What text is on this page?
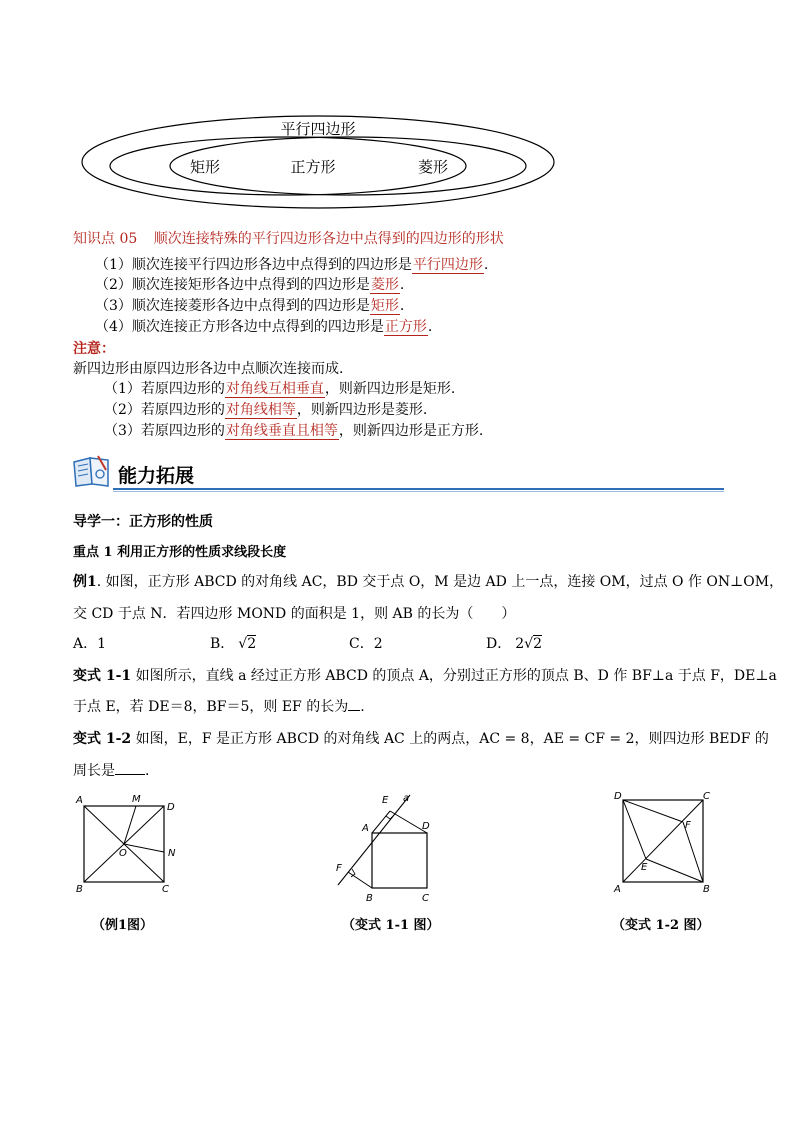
平行四边形
矩形	正方形	菱形
知识点 05 顺次连接特殊的平行四边形各边中点得到的四边形的形状
（1）顺次连接平行四边形各边中点得到的四边形是平行四边形.
（2）顺次连接矩形各边中点得到的四边形是菱形.
（3）顺次连接菱形各边中点得到的四边形是矩形.
（4）顺次连接正方形各边中点得到的四边形是正方形.
注意：
新四边形由原四边形各边中点顺次连接而成.
（1）若原四边形的对角线互相垂直，则新四边形是矩形.
（2）若原四边形的对角线相等，则新四边形是菱形.
（3）若原四边形的对角线垂直且相等，则新四边形是正方形.
能力拓展
导学一：正方形的性质
重点 1 利用正方形的性质求线段长度
例1. 如图，正方形 ABCD 的对角线 AC，BD 交于点 O，M 是边 AD 上一点，连接 OM，过点 O 作 ON⊥OM，
交 CD 于点 N．若四边形 MOND 的面积是 1，则 AB 的长为（　　）
A．1	B． √2	C．2	D． 2√2
变式 1-1 如图所示，直线 a 经过正方形 ABCD 的顶点 A，分别过正方形的顶点 B、D 作 BF⊥a 于点 F，DE⊥a
于点 E，若 DE＝8，BF＝5，则 EF 的长为 .
变式 1-2 如图，E，F 是正方形 ABCD 的对角线 AC 上的两点，AC = 8，AE = CF = 2，则四边形 BEDF 的
周长是 .
A	M
D
O	N
B	C
（例1图）
E a
A	D
F
B	C
（变式 1-1 图）
D	C
F
E
A	B
（变式 1-2 图）
